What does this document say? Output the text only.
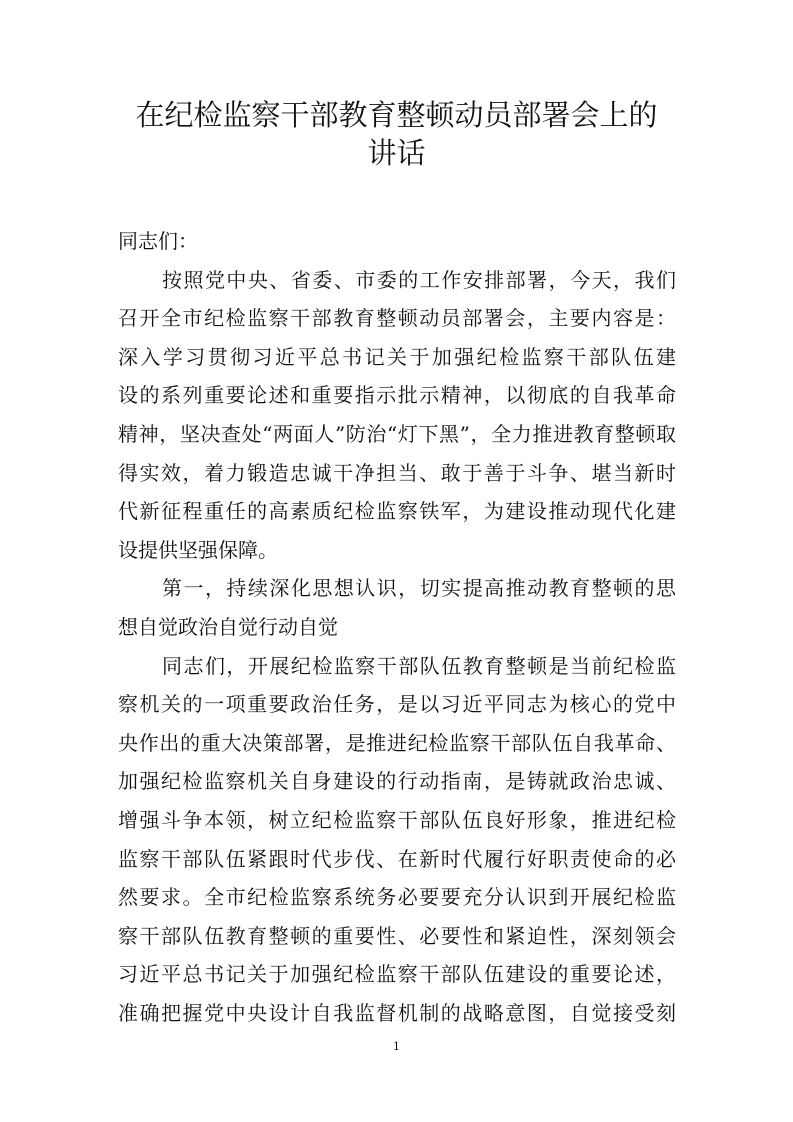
在纪检监察干部教育整顿动员部署会上的
讲话
同志们：
按照党中央、省委、市委的工作安排部署，今天，我们
召开全市纪检监察干部教育整顿动员部署会，主要内容是：
深入学习贯彻习近平总书记关于加强纪检监察干部队伍建
设的系列重要论述和重要指示批示精神，以彻底的自我革命
精神，坚决查处“两面人”防治“灯下黑”，全力推进教育整顿取
得实效，着力锻造忠诚干净担当、敢于善于斗争、堪当新时
代新征程重任的高素质纪检监察铁军，为建设推动现代化建
设提供坚强保障。
第一，持续深化思想认识，切实提高推动教育整顿的思
想自觉政治自觉行动自觉
同志们，开展纪检监察干部队伍教育整顿是当前纪检监
察机关的一项重要政治任务，是以习近平同志为核心的党中
央作出的重大决策部署，是推进纪检监察干部队伍自我革命、
加强纪检监察机关自身建设的行动指南，是铸就政治忠诚、
增强斗争本领，树立纪检监察干部队伍良好形象，推进纪检
监察干部队伍紧跟时代步伐、在新时代履行好职责使命的必
然要求。全市纪检监察系统务必要要充分认识到开展纪检监
察干部队伍教育整顿的重要性、必要性和紧迫性，深刻领会
习近平总书记关于加强纪检监察干部队伍建设的重要论述，
准确把握党中央设计自我监督机制的战略意图，自觉接受刻
1
